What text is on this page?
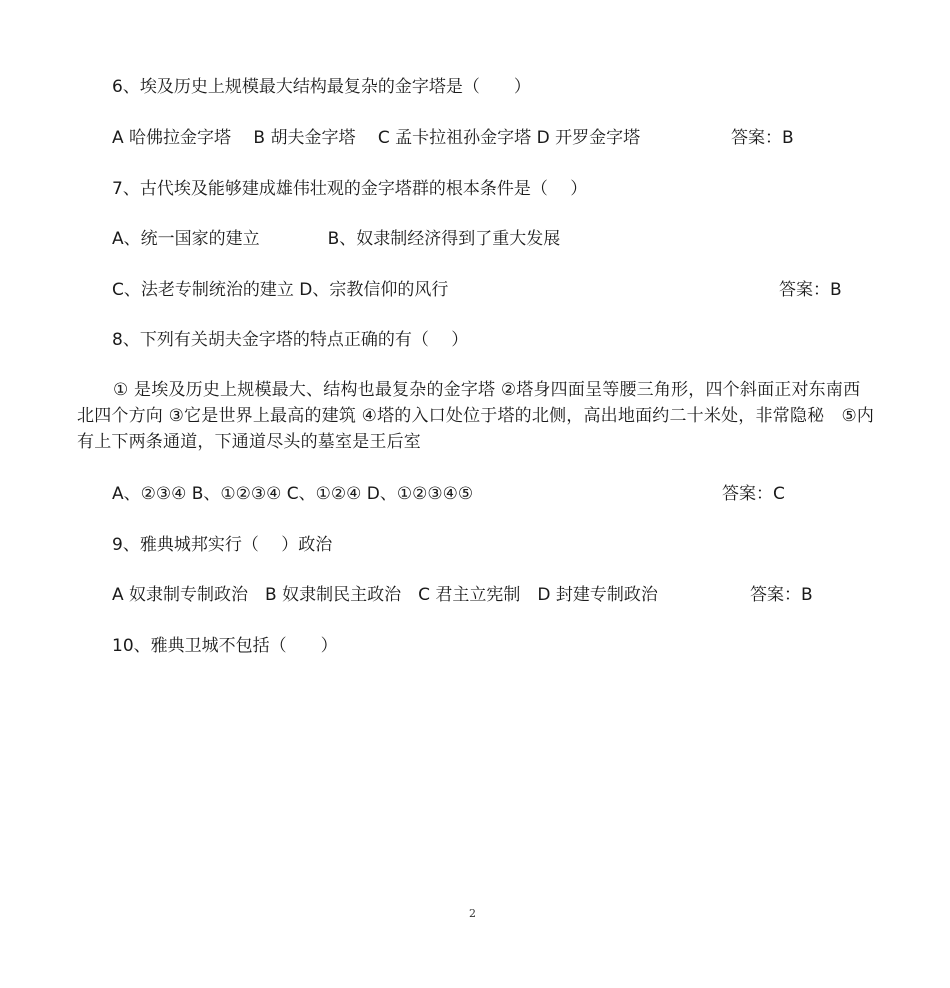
6、埃及历史上规模最大结构最复杂的金字塔是（　　）
A 哈佛拉金字塔　 B 胡夫金字塔　 C 孟卡拉祖孙金字塔 D 开罗金字塔	答案：B
7、古代埃及能够建成雄伟壮观的金字塔群的根本条件是（　 ）
A、统一国家的建立　　　　B、奴隶制经济得到了重大发展
C、法老专制统治的建立 D、宗教信仰的风行	答案：B
8、下列有关胡夫金字塔的特点正确的有（　 ）
① 是埃及历史上规模最大、结构也最复杂的金字塔 ②塔身四面呈等腰三角形，四个斜面正对东南西北四个方向 ③它是世界上最高的建筑 ④塔的入口处位于塔的北侧，高出地面约二十米处，非常隐秘　⑤内有上下两条通道，下通道尽头的墓室是王后室
A、②③④ B、①②③④ C、①②④ D、①②③④⑤	答案：C
9、雅典城邦实行（　 ）政治
A 奴隶制专制政治　B 奴隶制民主政治　C 君主立宪制　D 封建专制政治	答案：B
10、雅典卫城不包括（　　）
2
